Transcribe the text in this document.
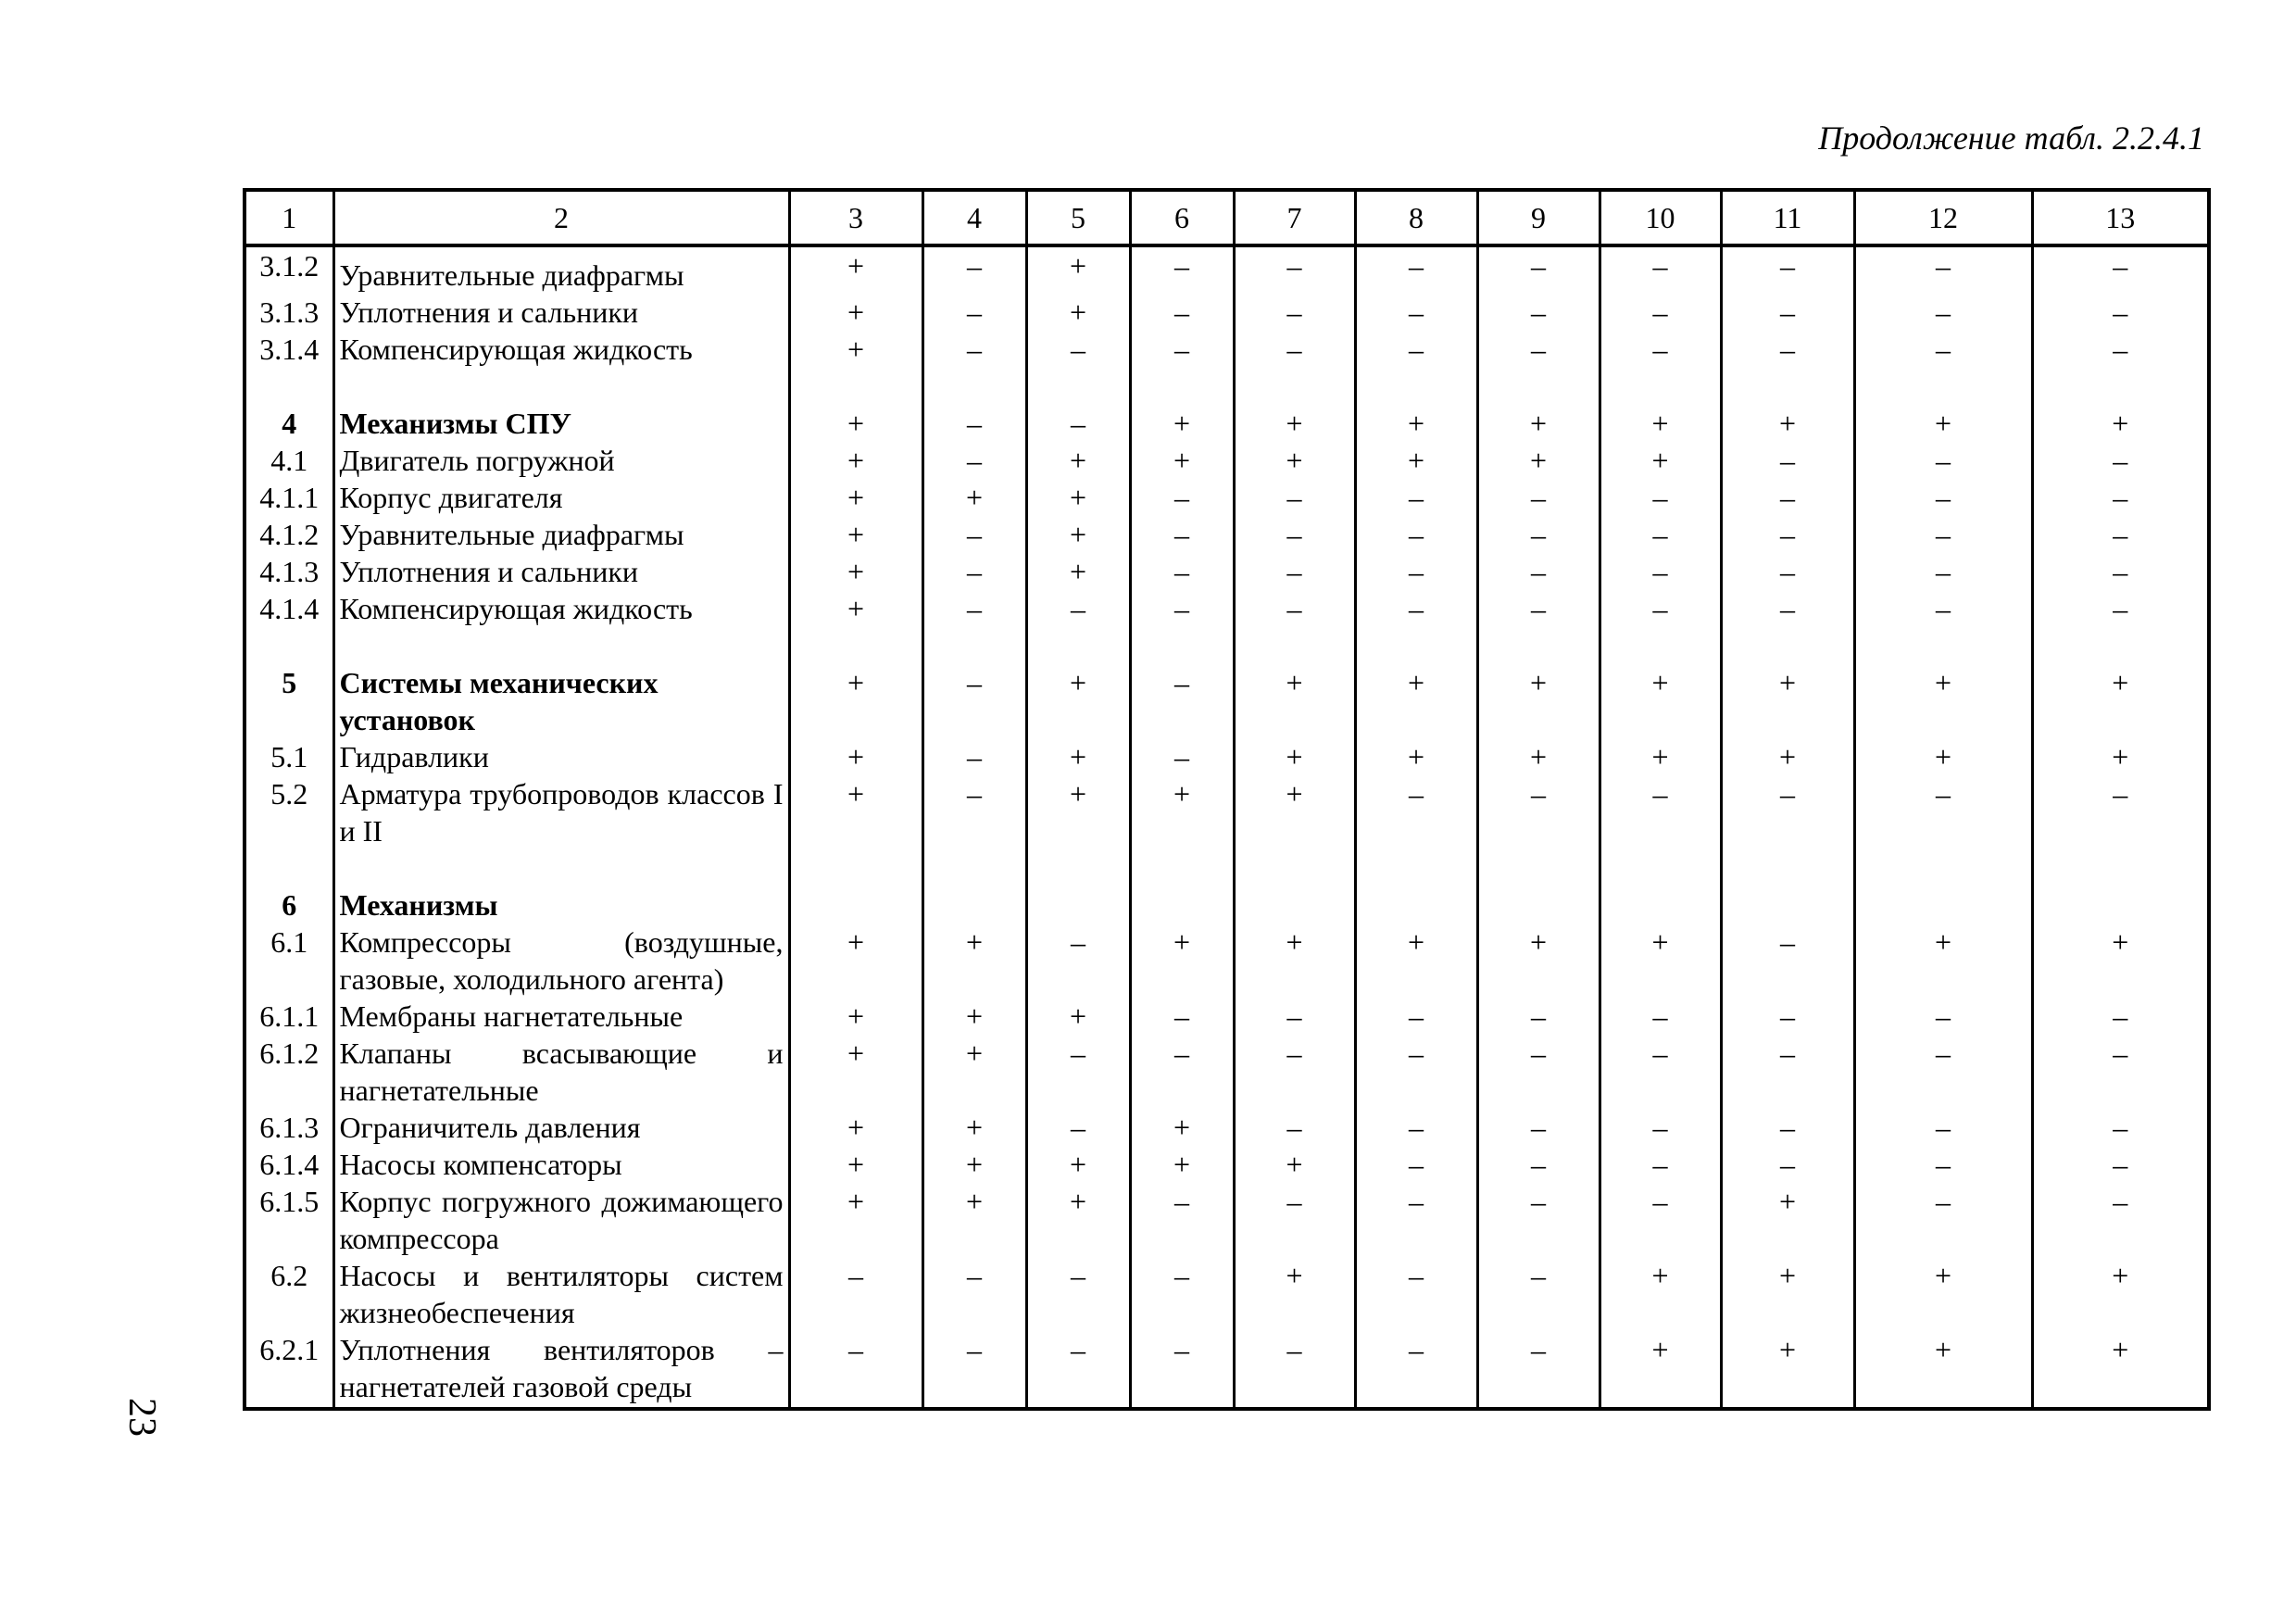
Продолжение табл. 2.2.4.1
1	2	3	4	5	6	7	8	9	10	11	12	13
3.1.2	Уравнительные диафрагмы	+	–	+	–	–	–	–	–	–	–	–
3.1.3	Уплотнения и сальники	+	–	+	–	–	–	–	–	–	–	–
3.1.4	Компенсирующая жидкость	+	–	–	–	–	–	–	–	–	–	–

4	Механизмы СПУ	+	–	–	+	+	+	+	+	+	+	+
4.1	Двигатель погружной	+	–	+	+	+	+	+	+	–	–	–
4.1.1	Корпус двигателя	+	+	+	–	–	–	–	–	–	–	–
4.1.2	Уравнительные диафрагмы	+	–	+	–	–	–	–	–	–	–	–
4.1.3	Уплотнения и сальники	+	–	+	–	–	–	–	–	–	–	–
4.1.4	Компенсирующая жидкость	+	–	–	–	–	–	–	–	–	–	–

5	Системы механических установок	+	–	+	–	+	+	+	+	+	+	+
5.1	Гидравлики	+	–	+	–	+	+	+	+	+	+	+
5.2	Арматура трубопроводов классов I и II	+	–	+	+	+	–	–	–	–	–	–

6	Механизмы											
6.1	Компрессоры (воздушные, газовые, холодильного агента)	+	+	–	+	+	+	+	+	–	+	+
6.1.1	Мембраны нагнетательные	+	+	+	–	–	–	–	–	–	–	–
6.1.2	Клапаны всасывающие и нагнетательные	+	+	–	–	–	–	–	–	–	–	–
6.1.3	Ограничитель давления	+	+	–	+	–	–	–	–	–	–	–
6.1.4	Насосы компенсаторы	+	+	+	+	+	–	–	–	–	–	–
6.1.5	Корпус погружного дожимающего компрессора	+	+	+	–	–	–	–	–	+	–	–
6.2	Насосы и вентиляторы систем жизнеобеспечения	–	–	–	–	+	–	–	+	+	+	+
6.2.1	Уплотнения вентиляторов – нагнетателей газовой среды	–	–	–	–	–	–	–	+	+	+	+
23
